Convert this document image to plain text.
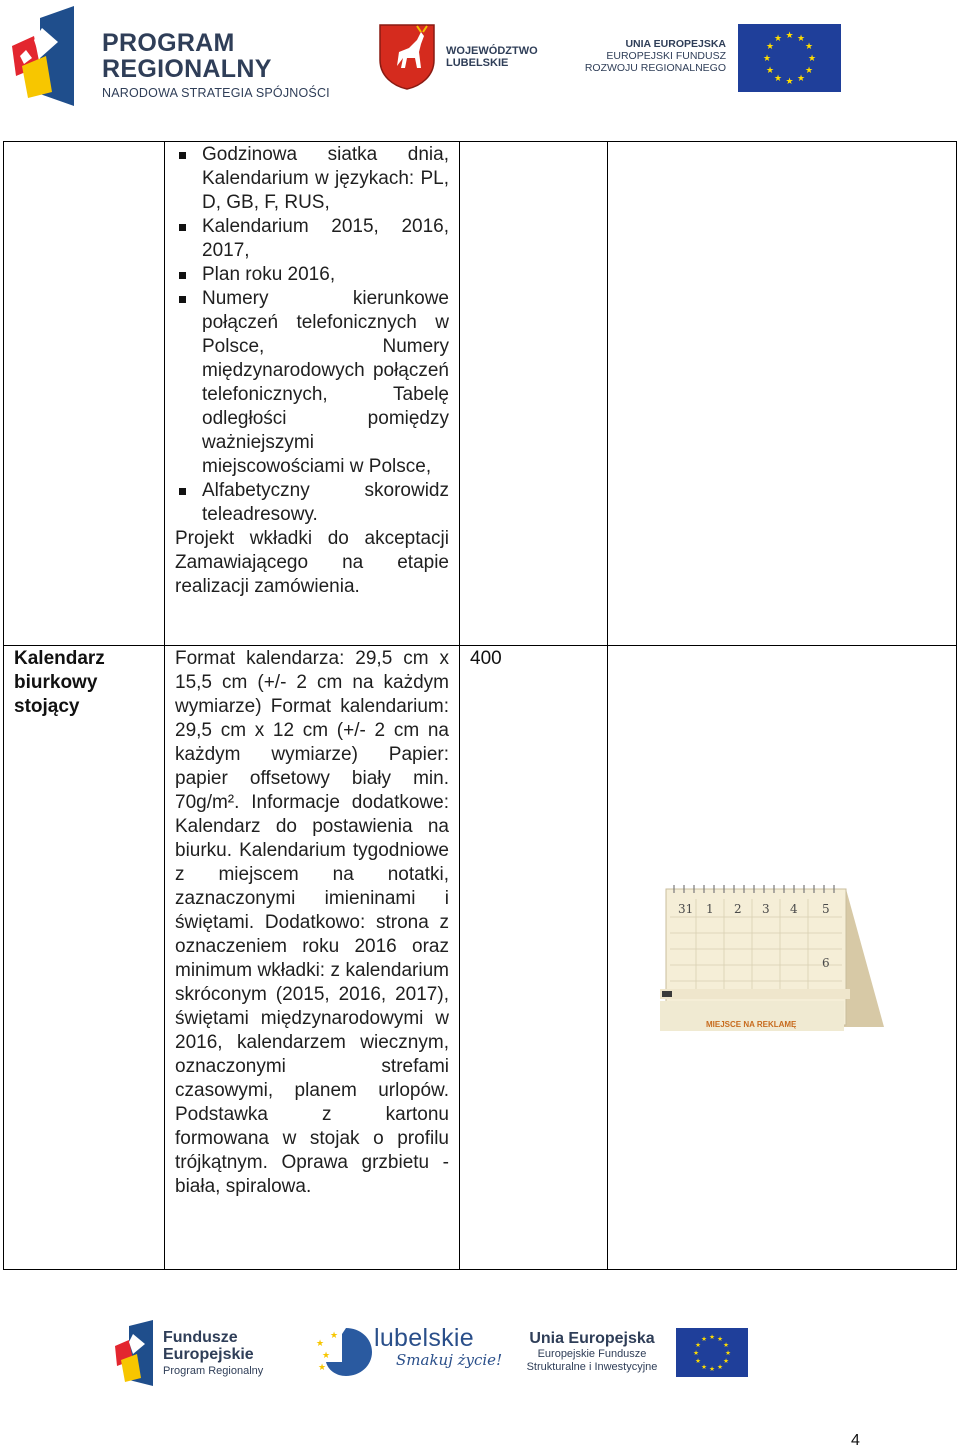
PROGRAM
REGIONALNY
NARODOWA STRATEGIA SPÓJNOŚCI
WOJEWÓDZTWO
LUBELSKIE
UNIA EUROPEJSKA
EUROPEJSKI FUNDUSZ
ROZWOJU REGIONALNEGO
★ ★
★
★
★
★
★
★
★
★
★
★
Godzinowa siatka dnia, Kalendarium w językach: PL, D, GB, F, RUS,
Kalendarium 2015, 2016, 2017,
Plan roku 2016,
Numery kierunkowe połączeń telefonicznych w Polsce, Numery międzynarodowych połączeń telefonicznych, Tabelę odległości pomiędzy ważniejszymi miejscowościami w Polsce,
Alfabetyczny skorowidz teleadresowy.

Projekt wkładki do akceptacji Zamawiającego na etapie realizacji zamówienia.

Kalendarz biurkowy stojący

Format kalendarza: 29,5 cm x 15,5 cm (+/- 2 cm na każdym wymiarze) Format kalendarium: 29,5 cm x 12 cm (+/- 2 cm na każdym wymiarze) Papier: papier offsetowy biały min. 70g/m². Informacje dodatkowe: Kalendarz do postawienia na biurku. Kalendarium tygodniowe z miejscem na notatki, zaznaczonymi imieninami i świętami. Dodatkowo: strona z oznaczeniem roku 2016 oraz minimum wkładki: z kalendarium skróconym (2015, 2016, 2017), świętami międzynarodowymi w 2016, kalendarzem wiecznym, oznaczonymi strefami czasowymi, planem urlopów. Podstawka z kartonu formowana w stojak o profilu trójkątnym. Oprawa grzbietu - biała, spiralowa.

400
31 1 2 3 4 5
6
MIEJSCE NA REKLAMĘ
Fundusze
Europejskie
Program Regionalny
★
★
★
★ lubelskie
Smakuj życie!
Unia Europejska
Europejskie Fundusze
Strukturalne i Inwestycyjne
★ ★
★
★
★
★
★
★
★
★
★
★
4
